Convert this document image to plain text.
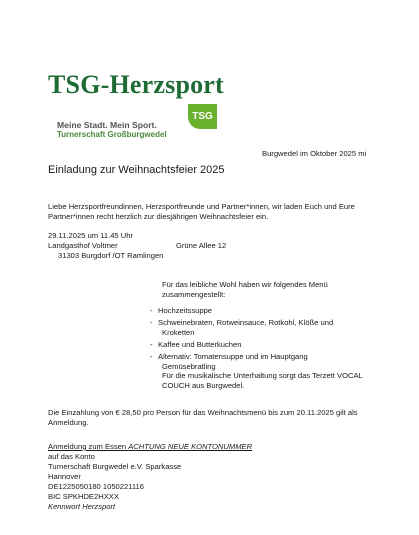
TSG-Herzsport
TSG
Meine Stadt. Mein Sport.
Turnerschaft Großburgwedel
Burgwedel im Oktober 2025 mi
Einladung zur Weihnachtsfeier 2025
Liebe Herzsportfreundinnen, Herzsportfreunde und Partner*innen, wir laden Euch und Eure Partner*innen recht herzlich zur diesjährigen Weihnachtsfeier ein.
29.11.2025 um 11.45 Uhr
Landgasthof Voltmer	Grüne Allee 12
31303 Burgdorf /OT Ramlingen
Für das leibliche Wohl haben wir folgendes Menü zusammengestellt:
- Hochzeitssuppe
- Schweinebraten, Rotweinsauce, Rotkohl, Klöße und
Kroketten
- Kaffee und Butterkuchen
- Alternativ: Tomatensuppe und im Hauptgang
Gemüsebratling
Für die musikalische Unterhaltung sorgt das Terzett VOCAL COUCH aus Burgwedel.
Die Einzahlung von € 28,50 pro Person für das Weihnachtsmenü bis zum 20.11.2025 gilt als Anmeldung.
Anmeldung zum Essen ACHTUNG NEUE KONTONUMMER
auf das Konto
Turnerschaft Burgwedel e.V. Sparkasse
Hannover
DE1225050180 1050221116
BIC SPKHDE2HXXX
Kennwort Herzsport
